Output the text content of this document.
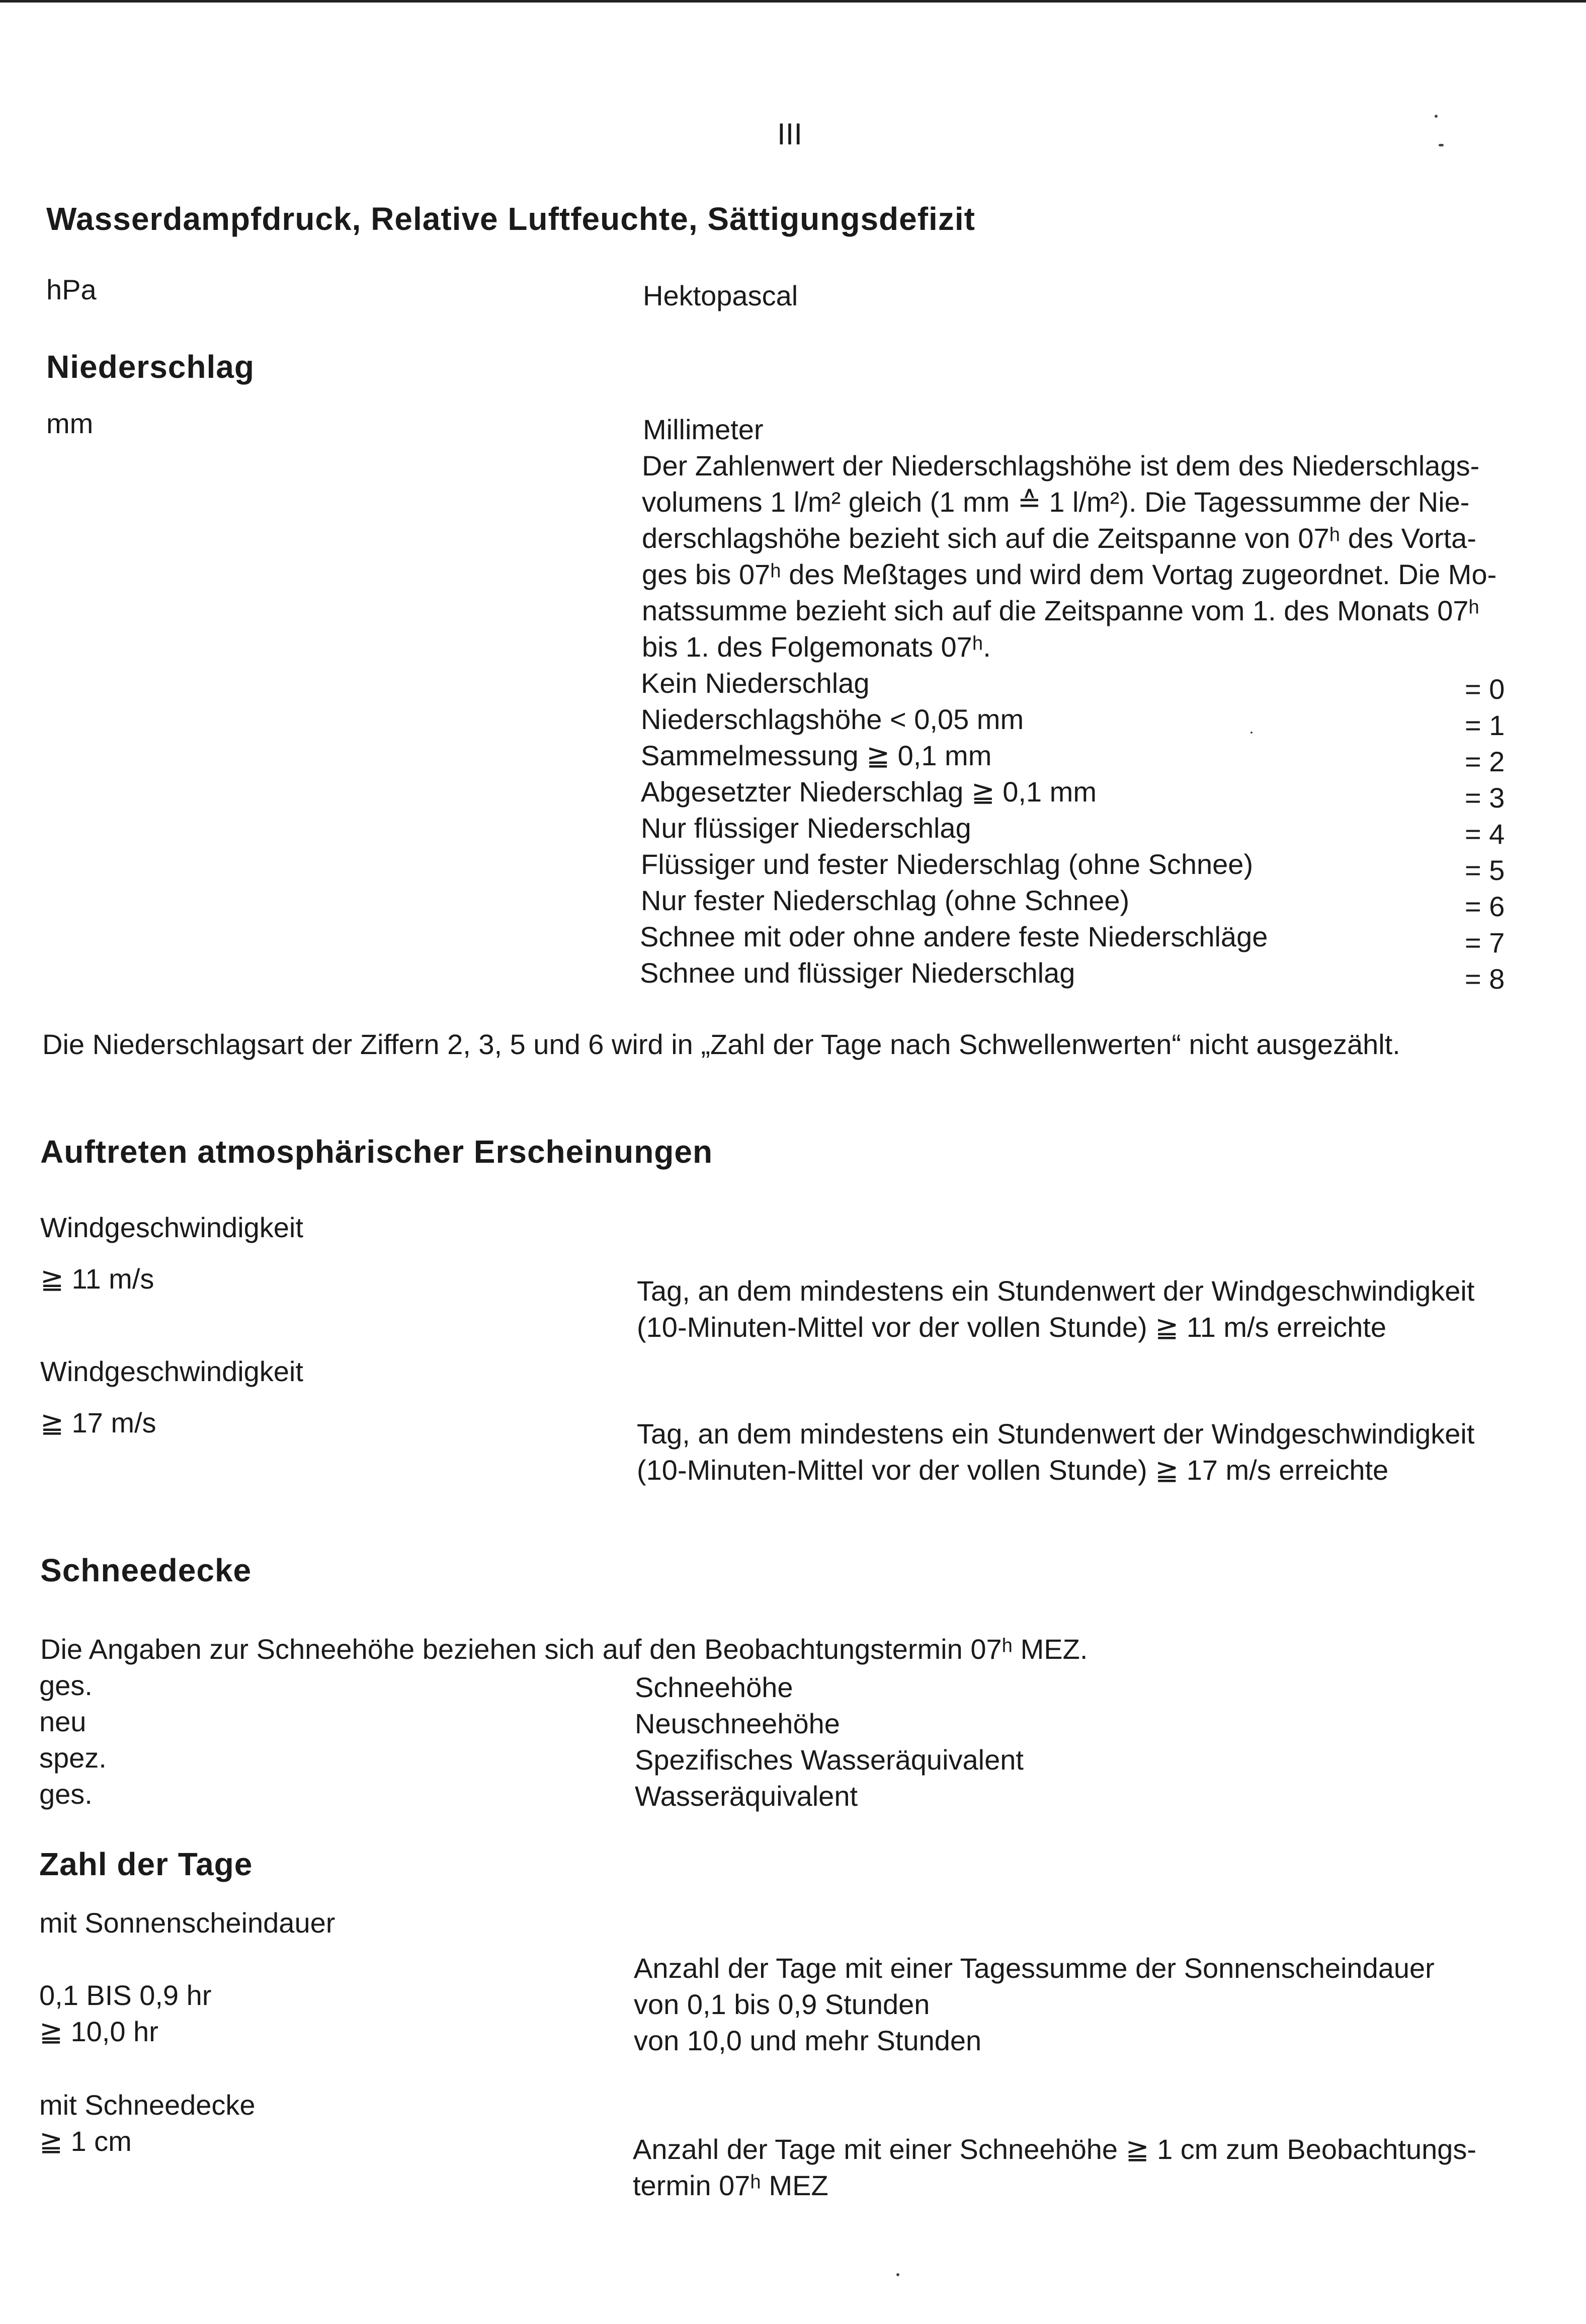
III
Wasserdampfdruck, Relative Luftfeuchte, Sättigungsdefizit
hPa	Hektopascal
Niederschlag
mm	Millimeter
Der Zahlenwert der Niederschlagshöhe ist dem des Niederschlags-
volumens 1 l/m² gleich (1 mm ≙ 1 l/m²). Die Tagessumme der Nie-
derschlagshöhe bezieht sich auf die Zeitspanne von 07ʰ des Vorta-
ges bis 07ʰ des Meßtages und wird dem Vortag zugeordnet. Die Mo-
natssumme bezieht sich auf die Zeitspanne vom 1. des Monats 07ʰ
bis 1. des Folgemonats 07ʰ.
Kein Niederschlag	= 0
Niederschlagshöhe < 0,05 mm	= 1
Sammelmessung ≧ 0,1 mm	= 2
Abgesetzter Niederschlag ≧ 0,1 mm	= 3
Nur flüssiger Niederschlag	= 4
Flüssiger und fester Niederschlag (ohne Schnee)	= 5
Nur fester Niederschlag (ohne Schnee)	= 6
Schnee mit oder ohne andere feste Niederschläge	= 7
Schnee und flüssiger Niederschlag	= 8
Die Niederschlagsart der Ziffern 2, 3, 5 und 6 wird in „Zahl der Tage nach Schwellenwerten“ nicht ausgezählt.
Auftreten atmosphärischer Erscheinungen
Windgeschwindigkeit
≧ 11 m/s	Tag, an dem mindestens ein Stundenwert der Windgeschwindigkeit
(10-Minuten-Mittel vor der vollen Stunde) ≧ 11 m/s erreichte
Windgeschwindigkeit
≧ 17 m/s	Tag, an dem mindestens ein Stundenwert der Windgeschwindigkeit
(10-Minuten-Mittel vor der vollen Stunde) ≧ 17 m/s erreichte
Schneedecke
Die Angaben zur Schneehöhe beziehen sich auf den Beobachtungstermin 07ʰ MEZ.
ges.	Schneehöhe
neu	Neuschneehöhe
spez.	Spezifisches Wasseräquivalent
ges.	Wasseräquivalent
Zahl der Tage
mit Sonnenscheindauer
Anzahl der Tage mit einer Tagessumme der Sonnenscheindauer
0,1 BIS 0,9 hr	von 0,1 bis 0,9 Stunden
≧ 10,0 hr	von 10,0 und mehr Stunden
mit Schneedecke
≧ 1 cm	Anzahl der Tage mit einer Schneehöhe ≧ 1 cm zum Beobachtungs-
termin 07ʰ MEZ
